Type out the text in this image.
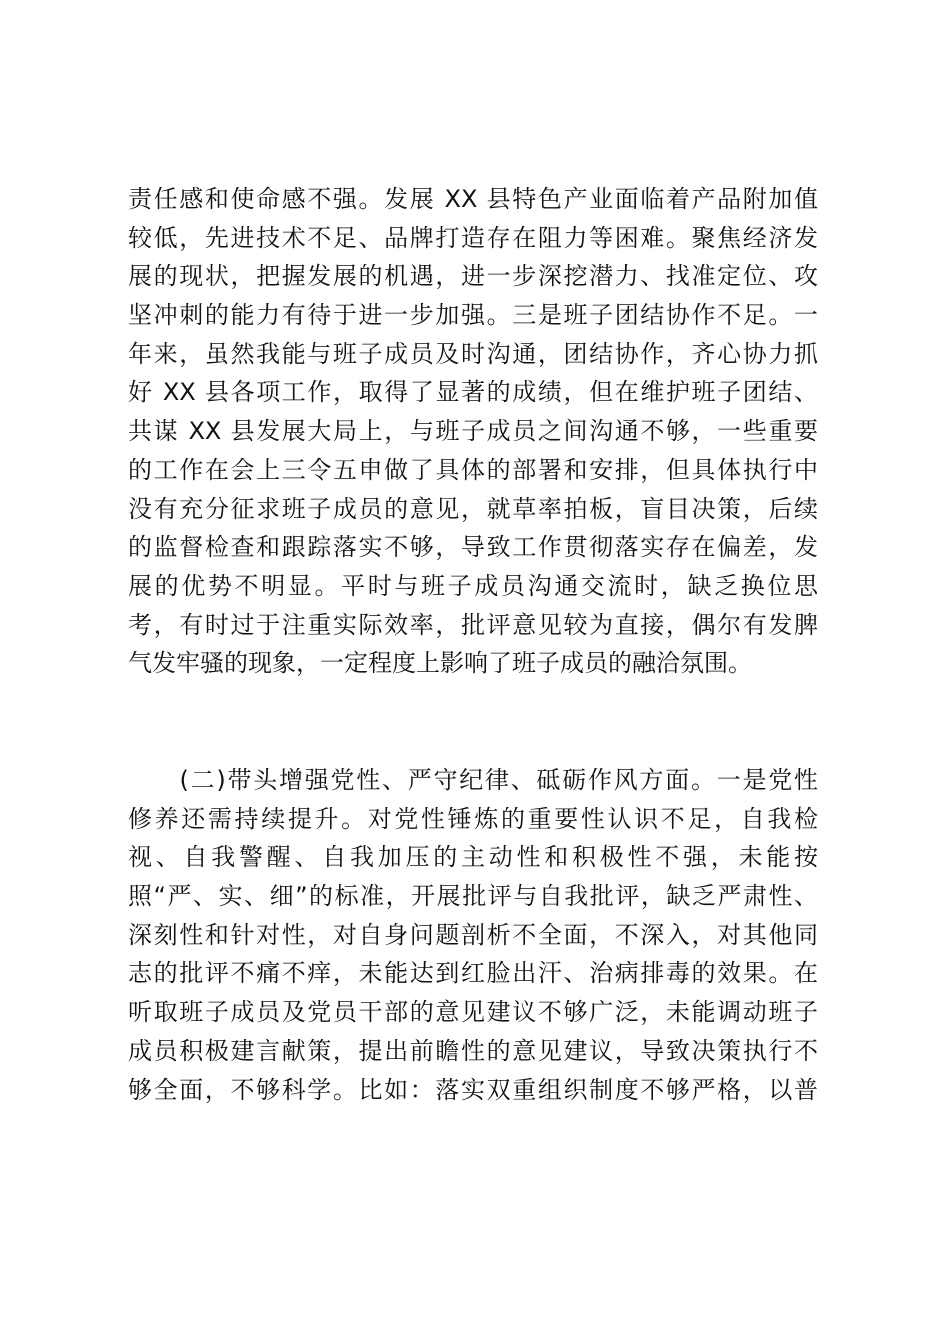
责任感和使命感不强。发展 XX 县特色产业面临着产品附加值
较低，先进技术不足、品牌打造存在阻力等困难。聚焦经济发
展的现状，把握发展的机遇，进一步深挖潜力、找准定位、攻
坚冲刺的能力有待于进一步加强。三是班子团结协作不足。一
年来，虽然我能与班子成员及时沟通，团结协作，齐心协力抓
好 XX 县各项工作，取得了显著的成绩，但在维护班子团结、
共谋 XX 县发展大局上，与班子成员之间沟通不够，一些重要
的工作在会上三令五申做了具体的部署和安排，但具体执行中
没有充分征求班子成员的意见，就草率拍板，盲目决策，后续
的监督检查和跟踪落实不够，导致工作贯彻落实存在偏差，发
展的优势不明显。平时与班子成员沟通交流时，缺乏换位思
考，有时过于注重实际效率，批评意见较为直接，偶尔有发脾
气发牢骚的现象，一定程度上影响了班子成员的融洽氛围。
　　(二)带头增强党性、严守纪律、砥砺作风方面。一是党性
修养还需持续提升。对党性锤炼的重要性认识不足，自我检
视、自我警醒、自我加压的主动性和积极性不强，未能按
照“严、实、细”的标准，开展批评与自我批评，缺乏严肃性、
深刻性和针对性，对自身问题剖析不全面，不深入，对其他同
志的批评不痛不痒，未能达到红脸出汗、治病排毒的效果。在
听取班子成员及党员干部的意见建议不够广泛，未能调动班子
成员积极建言献策，提出前瞻性的意见建议，导致决策执行不
够全面，不够科学。比如：落实双重组织制度不够严格，以普
